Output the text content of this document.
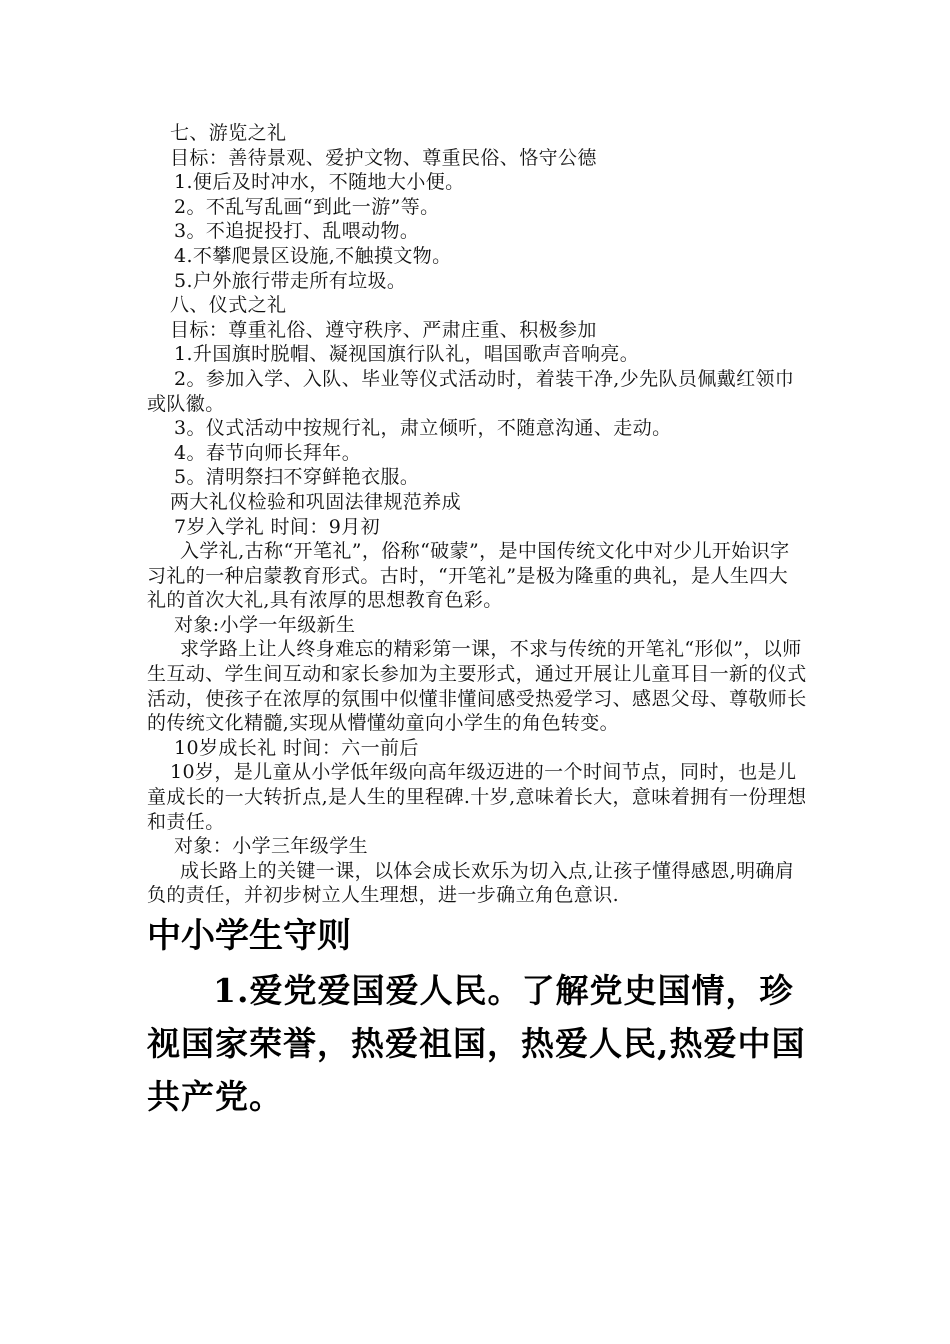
七、游览之礼

目标：善待景观、爱护文物、尊重民俗、恪守公德

1.便后及时冲水，不随地大小便。

2。不乱写乱画“到此一游”等。

3。不追捉投打、乱喂动物。

4.不攀爬景区设施,不触摸文物。

5.户外旅行带走所有垃圾。

八、仪式之礼

目标：尊重礼俗、遵守秩序、严肃庄重、积极参加

1.升国旗时脱帽、凝视国旗行队礼，唱国歌声音响亮。

2。参加入学、入队、毕业等仪式活动时，着装干净,少先队员佩戴红领巾或队徽。

3。仪式活动中按规行礼，肃立倾听，不随意沟通、走动。

4。春节向师长拜年。

5。清明祭扫不穿鲜艳衣服。

两大礼仪检验和巩固法律规范养成

7岁入学礼 时间：9月初

入学礼,古称“开笔礼”，俗称“破蒙”，是中国传统文化中对少儿开始识字习礼的一种启蒙教育形式。古时，“开笔礼”是极为隆重的典礼，是人生四大礼的首次大礼,具有浓厚的思想教育色彩。

对象:小学一年级新生

求学路上让人终身难忘的精彩第一课，不求与传统的开笔礼“形似”，以师生互动、学生间互动和家长参加为主要形式，通过开展让儿童耳目一新的仪式活动，使孩子在浓厚的氛围中似懂非懂间感受热爱学习、感恩父母、尊敬师长的传统文化精髓,实现从懵懂幼童向小学生的角色转变。

10岁成长礼 时间：六一前后

10岁，是儿童从小学低年级向高年级迈进的一个时间节点，同时，也是儿童成长的一大转折点,是人生的里程碑.十岁,意味着长大，意味着拥有一份理想和责任。

对象：小学三年级学生

成长路上的关键一课，以体会成长欢乐为切入点,让孩子懂得感恩,明确肩负的责任，并初步树立人生理想，进一步确立角色意识.

中小学生守则

1.爱党爱国爱人民。了解党史国情，珍视国家荣誉，热爱祖国，热爱人民,热爱中国共产党。
